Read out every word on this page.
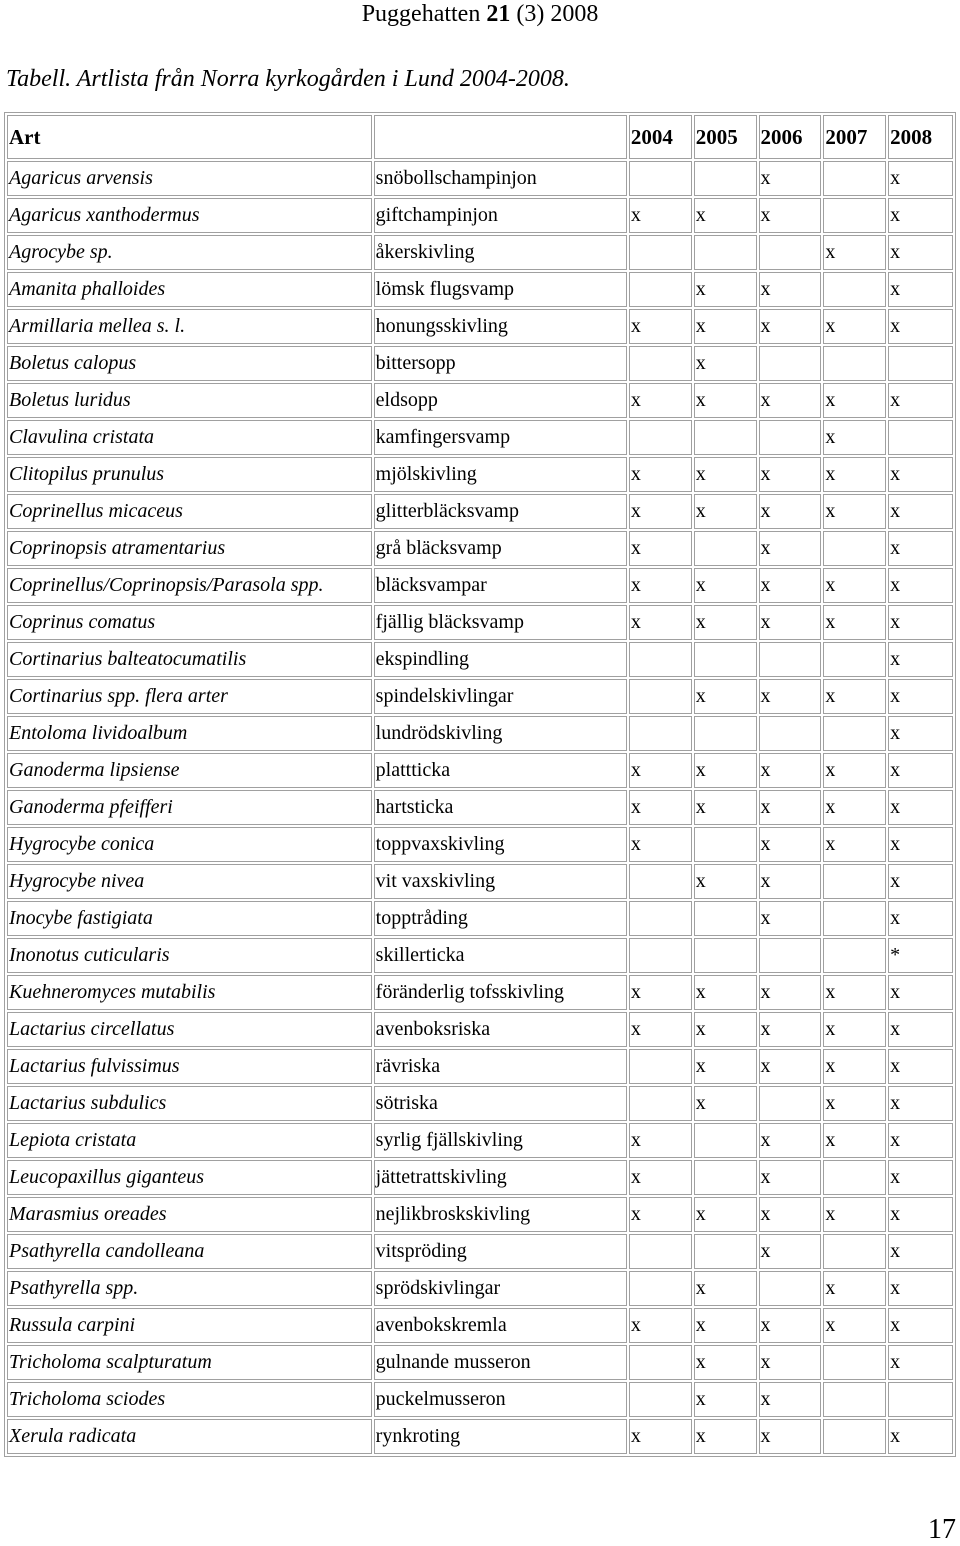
Puggehatten 21 (3) 2008
Tabell. Artlista från Norra kyrkogården i Lund 2004-2008.
Art		2004	2005	2006	2007	2008
Agaricus arvensis	snöbollschampinjon			x		x
Agaricus xanthodermus	giftchampinjon	x	x	x		x
Agrocybe sp.	åkerskivling				x	x
Amanita phalloides	lömsk flugsvamp		x	x		x
Armillaria mellea s. l.	honungsskivling	x	x	x	x	x
Boletus calopus	bittersopp		x			
Boletus luridus	eldsopp	x	x	x	x	x
Clavulina cristata	kamfingersvamp				x	
Clitopilus prunulus	mjölskivling	x	x	x	x	x
Coprinellus micaceus	glitterbläcksvamp	x	x	x	x	x
Coprinopsis atramentarius	grå bläcksvamp	x		x		x
Coprinellus/Coprinopsis/Parasola spp.	bläcksvampar	x	x	x	x	x
Coprinus comatus	fjällig bläcksvamp	x	x	x	x	x
Cortinarius balteatocumatilis	ekspindling					x
Cortinarius spp. flera arter	spindelskivlingar		x	x	x	x
Entoloma lividoalbum	lundrödskivling					x
Ganoderma lipsiense	plattticka	x	x	x	x	x
Ganoderma pfeifferi	hartsticka	x	x	x	x	x
Hygrocybe conica	toppvaxskivling	x		x	x	x
Hygrocybe nivea	vit vaxskivling		x	x		x
Inocybe fastigiata	topptråding			x		x
Inonotus cuticularis	skillerticka					*
Kuehneromyces mutabilis	föränderlig tofsskivling	x	x	x	x	x
Lactarius circellatus	avenboksriska	x	x	x	x	x
Lactarius fulvissimus	rävriska		x	x	x	x
Lactarius subdulics	sötriska		x		x	x
Lepiota cristata	syrlig fjällskivling	x		x	x	x
Leucopaxillus giganteus	jättetrattskivling	x		x		x
Marasmius oreades	nejlikbroskskivling	x	x	x	x	x
Psathyrella candolleana	vitspröding			x		x
Psathyrella spp.	sprödskivlingar		x		x	x
Russula carpini	avenbokskremla	x	x	x	x	x
Tricholoma scalpturatum	gulnande musseron		x	x		x
Tricholoma sciodes	puckelmusseron		x	x		
Xerula radicata	rynkroting	x	x	x		x
17
